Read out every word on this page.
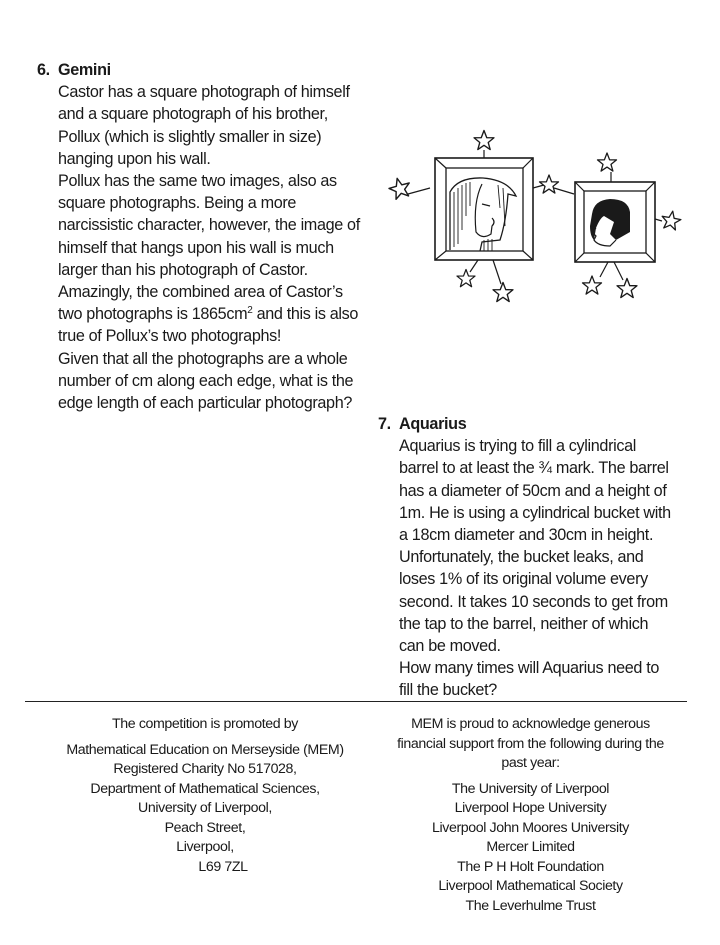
6. Gemini
Castor has a square photograph of himself
and a square photograph of his brother,
Pollux (which is slightly smaller in size)
hanging upon his wall.
Pollux has the same two images, also as
square photographs. Being a more
narcissistic character, however, the image of
himself that hangs upon his wall is much
larger than his photograph of Castor.
Amazingly, the combined area of Castor’s
two photographs is $1865cm^2$ and this is also
true of Pollux’s two photographs!
Given that all the photographs are a whole
number of cm along each edge, what is the
edge length of each particular photograph?
7. Aquarius
Aquarius is trying to fill a cylindrical
barrel to at least the ¾ mark. The barrel
has a diameter of 50cm and a height of
1m. He is using a cylindrical bucket with
a 18cm diameter and 30cm in height.
Unfortunately, the bucket leaks, and
loses 1% of its original volume every
second. It takes 10 seconds to get from
the tap to the barrel, neither of which
can be moved.
How many times will Aquarius need to
fill the bucket?
The competition is promoted by
Mathematical Education on Merseyside (MEM)
Registered Charity No 517028,
Department of Mathematical Sciences,
University of Liverpool,
Peach Street,
Liverpool,
L69 7ZL
MEM is proud to acknowledge generous
financial support from the following during the
past year:
The University of Liverpool
Liverpool Hope University
Liverpool John Moores University
Mercer Limited
The P H Holt Foundation
Liverpool Mathematical Society
The Leverhulme Trust
